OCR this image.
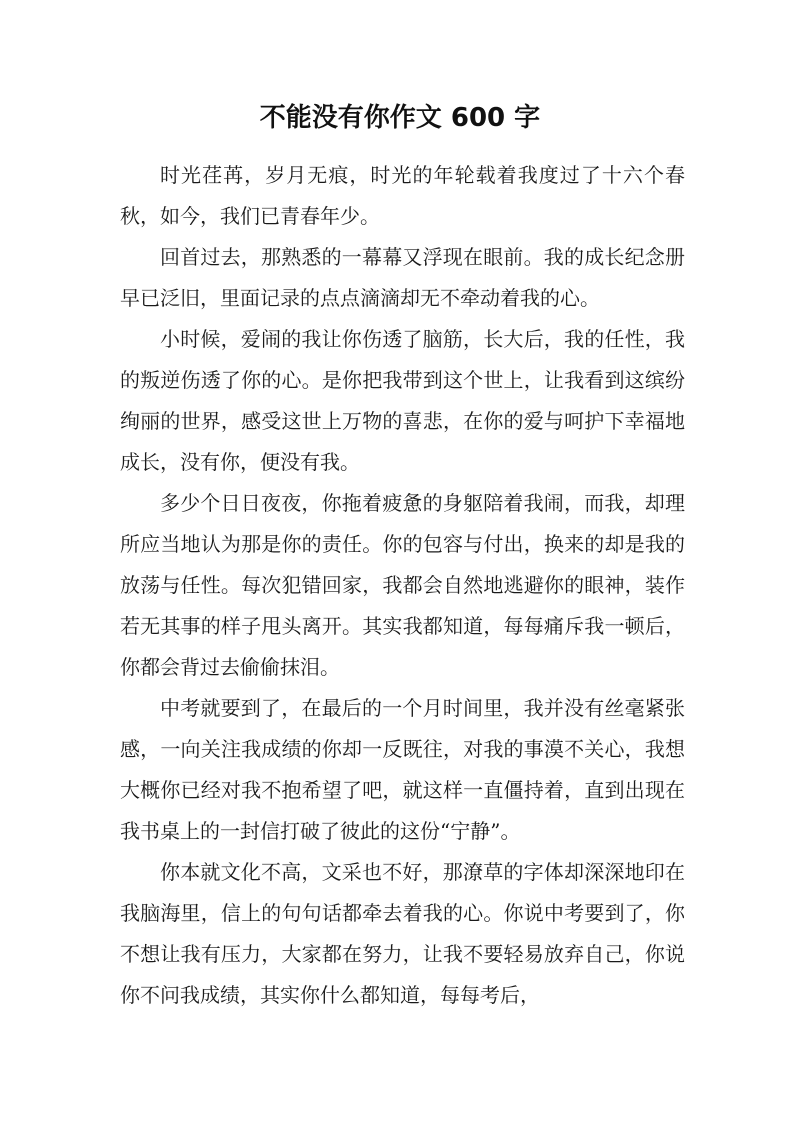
不能没有你作文 600 字

时光荏苒，岁月无痕，时光的年轮载着我度过了十六个春秋，如今，我们已青春年少。

回首过去，那熟悉的一幕幕又浮现在眼前。我的成长纪念册早已泛旧，里面记录的点点滴滴却无不牵动着我的心。

小时候，爱闹的我让你伤透了脑筋，长大后，我的任性，我的叛逆伤透了你的心。是你把我带到这个世上，让我看到这缤纷绚丽的世界，感受这世上万物的喜悲，在你的爱与呵护下幸福地成长，没有你，便没有我。

多少个日日夜夜，你拖着疲惫的身躯陪着我闹，而我，却理所应当地认为那是你的责任。你的包容与付出，换来的却是我的放荡与任性。每次犯错回家，我都会自然地逃避你的眼神，装作若无其事的样子甩头离开。其实我都知道，每每痛斥我一顿后，你都会背过去偷偷抹泪。

中考就要到了，在最后的一个月时间里，我并没有丝毫紧张感，一向关注我成绩的你却一反既往，对我的事漠不关心，我想大概你已经对我不抱希望了吧，就这样一直僵持着，直到出现在我书桌上的一封信打破了彼此的这份“宁静”。

你本就文化不高，文采也不好，那潦草的字体却深深地印在我脑海里，信上的句句话都牵去着我的心。你说中考要到了，你不想让我有压力，大家都在努力，让我不要轻易放弃自己，你说你不问我成绩，其实你什么都知道，每每考后，
